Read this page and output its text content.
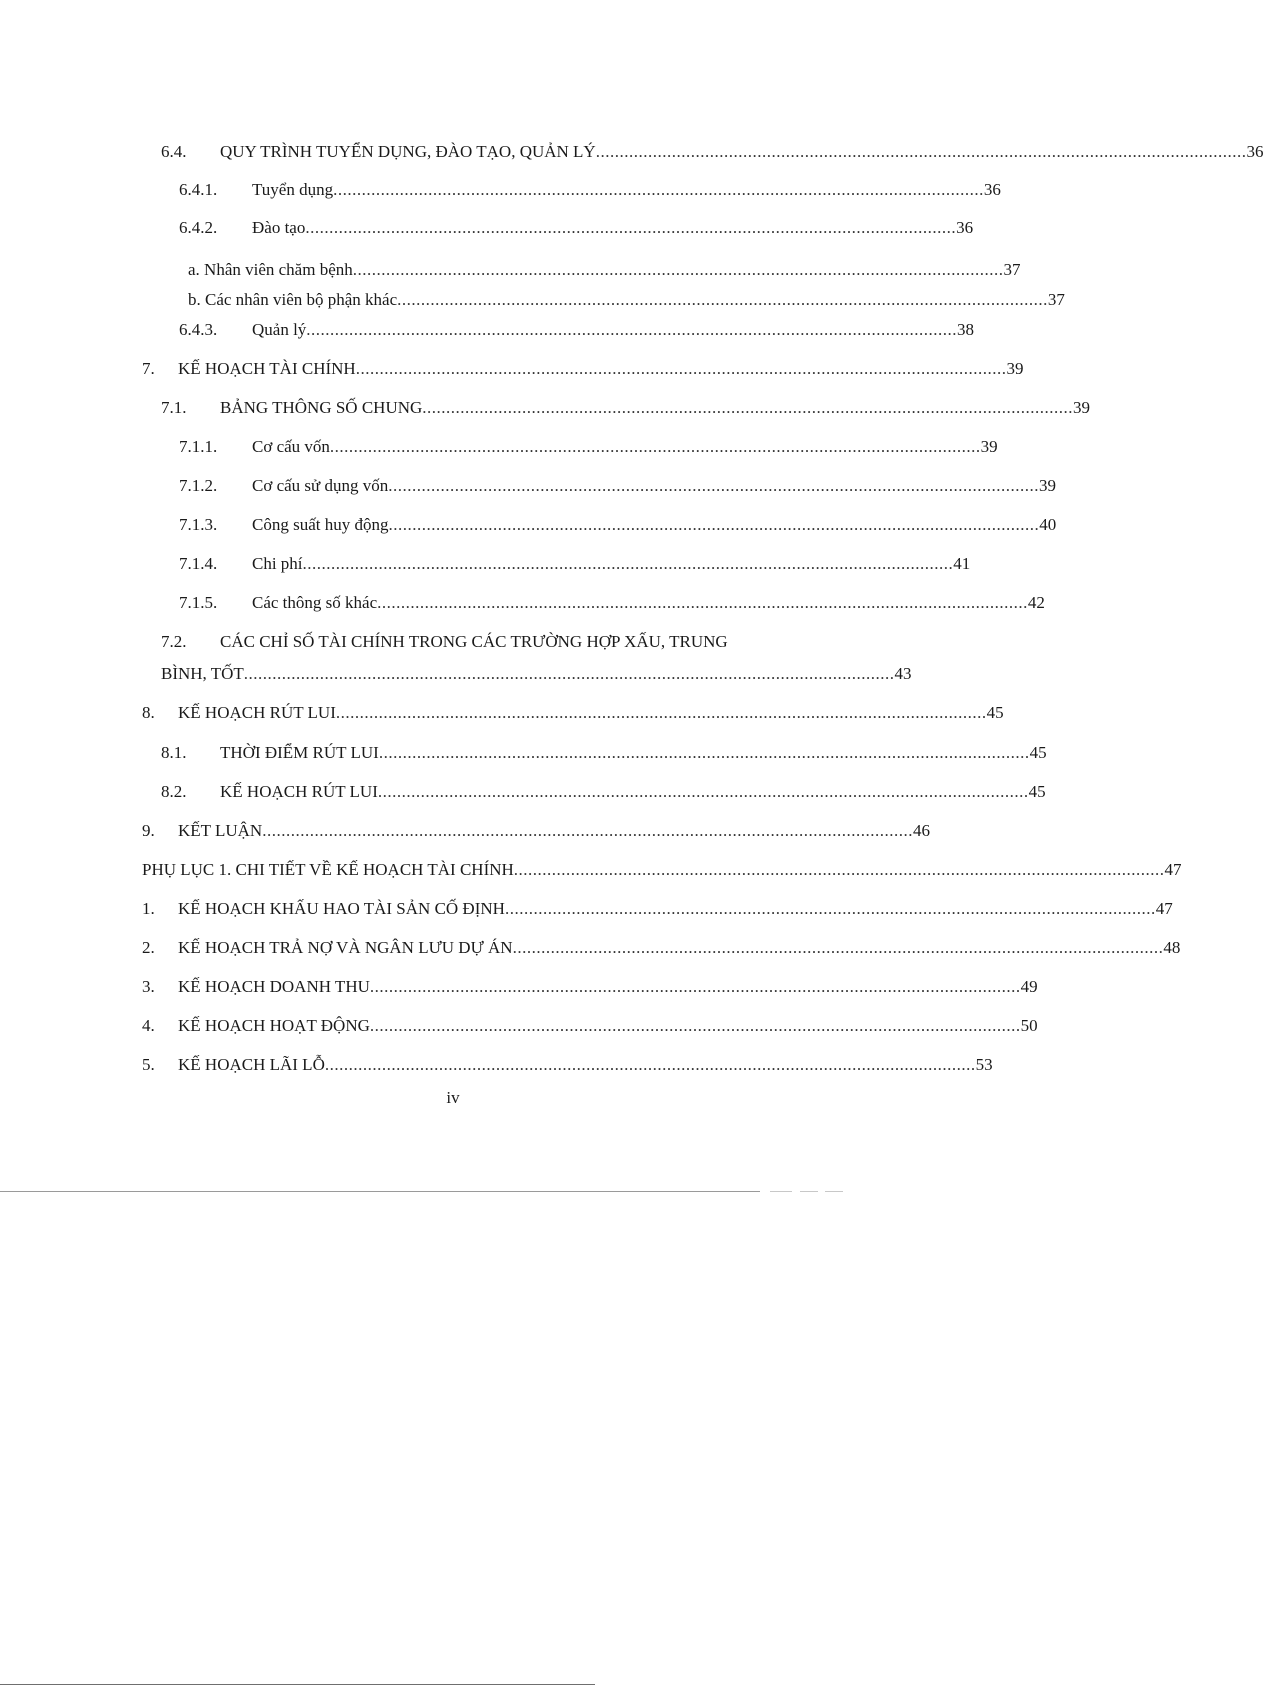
6.4. QUY TRÌNH TUYỂN DỤNG, ĐÀO TẠO, QUẢN LÝ ......................................................................................................................................... 36
6.4.1. Tuyển dụng ......................................................................................................................................... 36
6.4.2. Đào tạo ......................................................................................................................................... 36
a. Nhân viên chăm bệnh ......................................................................................................................................... 37
b. Các nhân viên bộ phận khác ......................................................................................................................................... 37
6.4.3. Quản lý ......................................................................................................................................... 38
7. KẾ HOẠCH TÀI CHÍNH ......................................................................................................................................... 39
7.1. BẢNG THÔNG SỐ CHUNG ......................................................................................................................................... 39
7.1.1. Cơ cấu vốn ......................................................................................................................................... 39
7.1.2. Cơ cấu sử dụng vốn ......................................................................................................................................... 39
7.1.3. Công suất huy động ......................................................................................................................................... 40
7.1.4. Chi phí ......................................................................................................................................... 41
7.1.5. Các thông số khác ......................................................................................................................................... 42
7.2. CÁC CHỈ SỐ TÀI CHÍNH TRONG CÁC TRƯỜNG HỢP XẤU, TRUNG
BÌNH, TỐT ......................................................................................................................................... 43
8. KẾ HOẠCH RÚT LUI ......................................................................................................................................... 45
8.1. THỜI ĐIỂM RÚT LUI ......................................................................................................................................... 45
8.2. KẾ HOẠCH RÚT LUI ......................................................................................................................................... 45
9. KẾT LUẬN ......................................................................................................................................... 46
PHỤ LỤC 1. CHI TIẾT VỀ KẾ HOẠCH TÀI CHÍNH ......................................................................................................................................... 47
1. KẾ HOẠCH KHẤU HAO TÀI SẢN CỐ ĐỊNH ......................................................................................................................................... 47
2. KẾ HOẠCH TRẢ NỢ VÀ NGÂN LƯU DỰ ÁN ......................................................................................................................................... 48
3. KẾ HOẠCH DOANH THU ......................................................................................................................................... 49
4. KẾ HOẠCH HOẠT ĐỘNG ......................................................................................................................................... 50
5. KẾ HOẠCH LÃI LỖ ......................................................................................................................................... 53
iv
